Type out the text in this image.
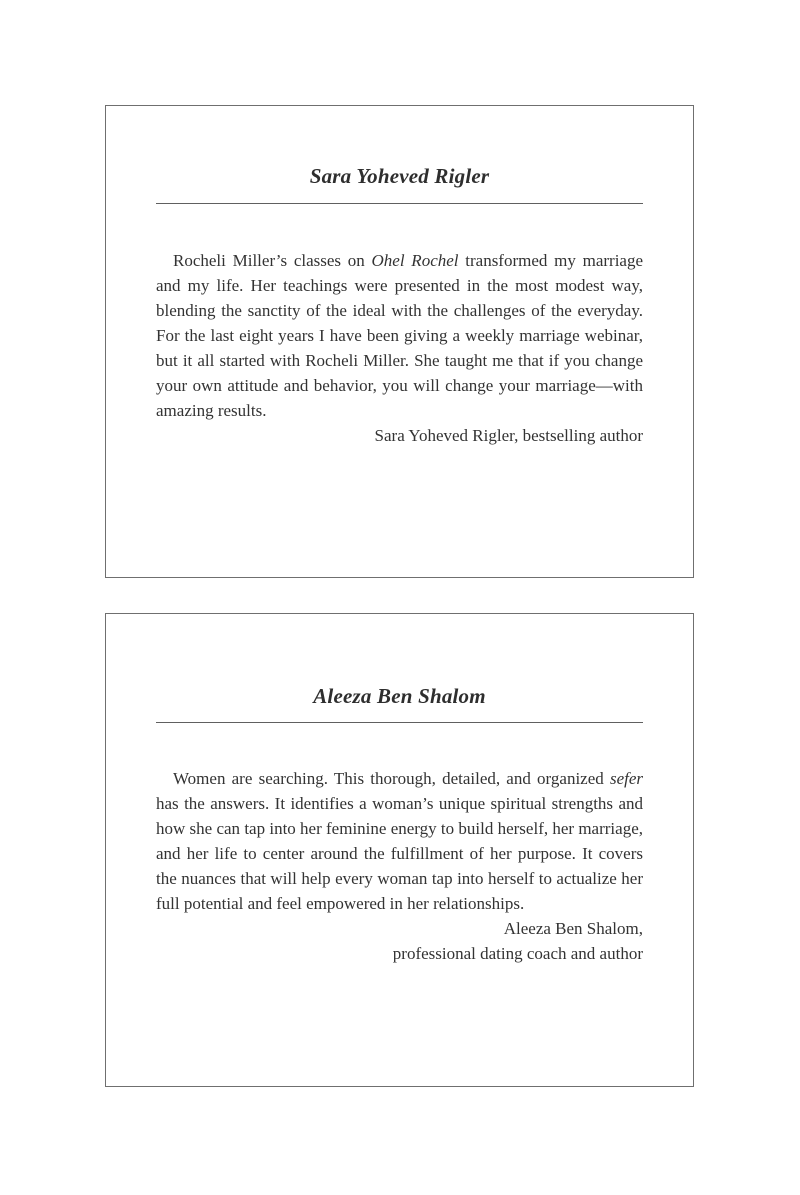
Sara Yoheved Rigler

Rocheli Miller’s classes on Ohel Rochel transformed my marriage and my life. Her teachings were presented in the most modest way, blending the sanctity of the ideal with the challenges of the everyday. For the last eight years I have been giving a weekly marriage webinar, but it all started with Rocheli Miller. She taught me that if you change your own attitude and behavior, you will change your marriage—with amazing results.

Sara Yoheved Rigler, bestselling author
Aleeza Ben Shalom

Women are searching. This thorough, detailed, and organized sefer has the answers. It identifies a woman’s unique spiritual strengths and how she can tap into her feminine energy to build herself, her marriage, and her life to center around the fulfillment of her purpose. It covers the nuances that will help every woman tap into herself to actualize her full potential and feel empowered in her relationships.

Aleeza Ben Shalom,
professional dating coach and author
